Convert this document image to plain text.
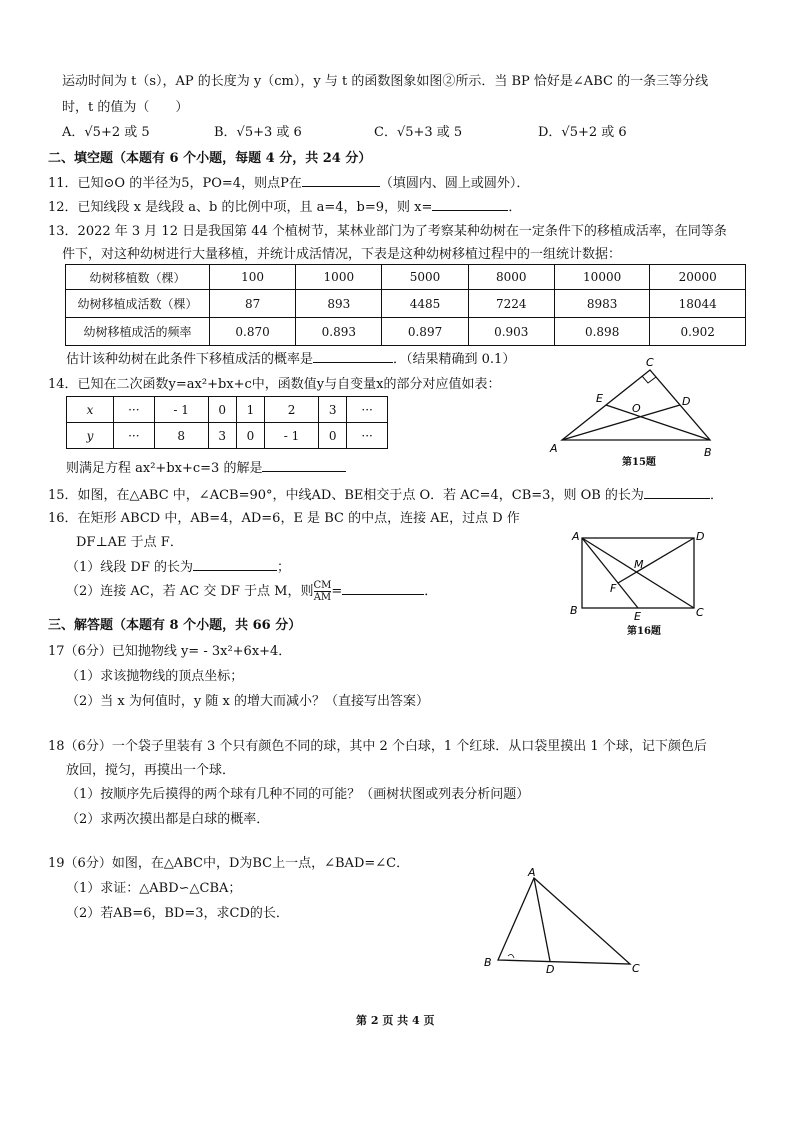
运动时间为 t（s），AP 的长度为 y（cm），y 与 t 的函数图象如图②所示．当 BP 恰好是∠ABC 的一条三等分线
时，t 的值为（　　）
A．√5+2 或 5	B．√5+3 或 6	C．√5+3 或 5	D．√5+2 或 6
二、填空题（本题有 6 个小题，每题 4 分，共 24 分）
11．已知⊙O 的半径为5，PO=4，则点P在	（填圆内、圆上或圆外）．
12．已知线段 x 是线段 a、b 的比例中项，且 a=4，b=9，则 x=	．
13．2022 年 3 月 12 日是我国第 44 个植树节，某林业部门为了考察某种幼树在一定条件下的移植成活率，在同等条
件下，对这种幼树进行大量移植，并统计成活情况，下表是这种幼树移植过程中的一组统计数据：
幼树移植数（棵）	100	1000	5000	8000	10000	20000
幼树移植成活数（棵）	87	893	4485	7224	8983	18044
幼树移植成活的频率	0.870	0.893	0.897	0.903	0.898	0.902
估计该种幼树在此条件下移植成活的概率是	．（结果精确到 0.1）
14．已知在二次函数y=ax²+bx+c中，函数值y与自变量x的部分对应值如表：
x	···	- 1	0	1	2	3	···
y	···	8	3	0	- 1	0	···
则满足方程 ax²+bx+c=3 的解是
C
E
O
D
A	B
第15题
15．如图，在△ABC 中，∠ACB=90°，中线AD、BE相交于点 O．若 AC=4，CB=3，则 OB 的长为	．
16．在矩形 ABCD 中，AB=4，AD=6，E 是 BC 的中点，连接 AE，过点 D 作
DF⊥AE 于点 F．
（1）线段 DF 的长为	；
（2）连接 AC，若 AC 交 DF 于点 M，则 $\frac{CM}{AM}$ =	．
A	D
M
F
B	E	C
第16题
三、解答题（本题有 8 个小题，共 66 分）
17（6分）已知抛物线 y= - 3x²+6x+4．
（1）求该抛物线的顶点坐标；
（2）当 x 为何值时，y 随 x 的增大而减小？（直接写出答案）
18（6分）一个袋子里装有 3 个只有颜色不同的球，其中 2 个白球，1 个红球．从口袋里摸出 1 个球，记下颜色后
放回，搅匀，再摸出一个球．
（1）按顺序先后摸得的两个球有几种不同的可能？（画树状图或列表分析问题）
（2）求两次摸出都是白球的概率．
19（6分）如图，在△ABC中，D为BC上一点，∠BAD=∠C．
（1）求证：△ABD∽△CBA；
（2）若AB=6，BD=3，求CD的长．
A
B
D	C
第 2 页 共 4 页
